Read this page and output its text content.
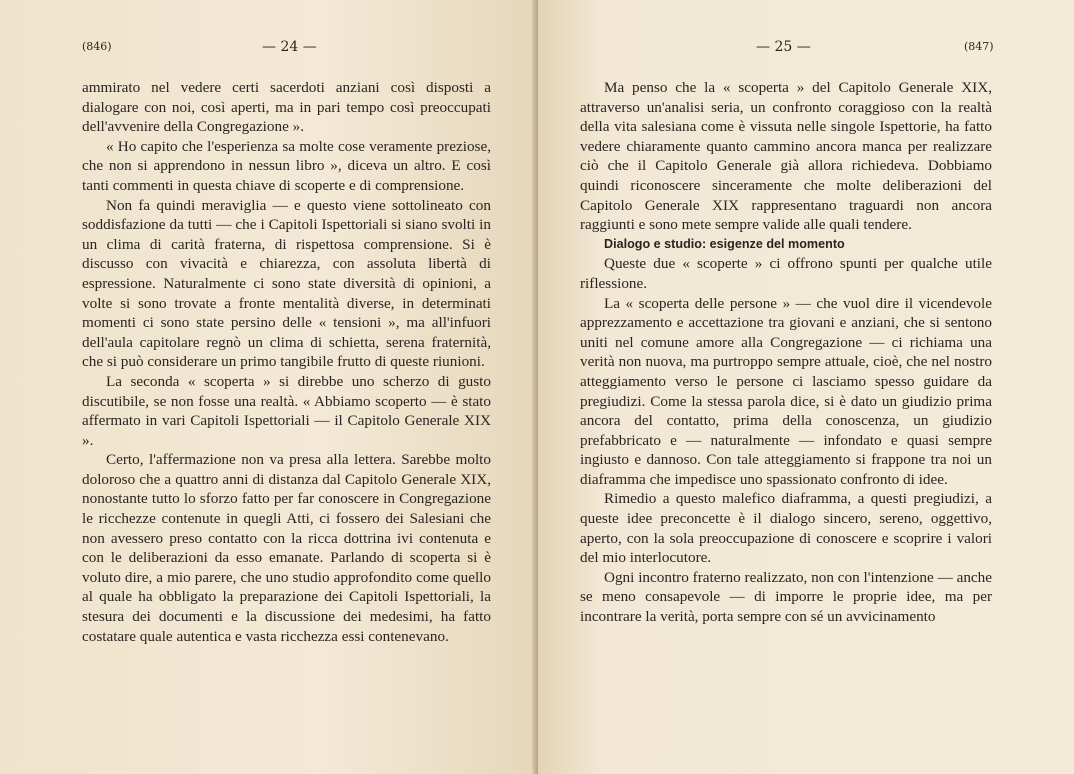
(846)	— 24 —

ammirato nel vedere certi sacerdoti anziani così disposti a dialogare con noi, così aperti, ma in pari tempo così preoccupati dell'avvenire della Congregazione ».

« Ho capito che l'esperienza sa molte cose veramente preziose, che non si apprendono in nessun libro », diceva un altro. E così tanti commenti in questa chiave di scoperte e di comprensione.

Non fa quindi meraviglia — e questo viene sottolineato con soddisfazione da tutti — che i Capitoli Ispettoriali si siano svolti in un clima di carità fraterna, di rispettosa comprensione. Si è discusso con vivacità e chiarezza, con assoluta libertà di espressione. Naturalmente ci sono state diversità di opinioni, a volte si sono trovate a fronte mentalità diverse, in determinati momenti ci sono state persino delle « tensioni », ma all'infuori dell'aula capitolare regnò un clima di schietta, serena fraternità, che si può considerare un primo tangibile frutto di queste riunioni.

La seconda « scoperta » si direbbe uno scherzo di gusto discutibile, se non fosse una realtà. « Abbiamo scoperto — è stato affermato in vari Capitoli Ispettoriali — il Capitolo Generale XIX ».

Certo, l'affermazione non va presa alla lettera. Sarebbe molto doloroso che a quattro anni di distanza dal Capitolo Generale XIX, nonostante tutto lo sforzo fatto per far conoscere in Congregazione le ricchezze contenute in quegli Atti, ci fossero dei Salesiani che non avessero preso contatto con la ricca dottrina ivi contenuta e con le deliberazioni da esso emanate. Parlando di scoperta si è voluto dire, a mio parere, che uno studio approfondito come quello al quale ha obbligato la preparazione dei Capitoli Ispettoriali, la stesura dei documenti e la discussione dei medesimi, ha fatto costatare quale autentica e vasta ricchezza essi contenevano.

— 25 —	(847)

Ma penso che la « scoperta » del Capitolo Generale XIX, attraverso un'analisi seria, un confronto coraggioso con la realtà della vita salesiana come è vissuta nelle singole Ispettorie, ha fatto vedere chiaramente quanto cammino ancora manca per realizzare ciò che il Capitolo Generale già allora richiedeva. Dobbiamo quindi riconoscere sinceramente che molte deliberazioni del Capitolo Generale XIX rappresentano traguardi non ancora raggiunti e sono mete sempre valide alle quali tendere.

Dialogo e studio: esigenze del momento

Queste due « scoperte » ci offrono spunti per qualche utile riflessione.

La « scoperta delle persone » — che vuol dire il vicendevole apprezzamento e accettazione tra giovani e anziani, che si sentono uniti nel comune amore alla Congregazione — ci richiama una verità non nuova, ma purtroppo sempre attuale, cioè, che nel nostro atteggiamento verso le persone ci lasciamo spesso guidare da pregiudizi. Come la stessa parola dice, si è dato un giudizio prima ancora del contatto, prima della conoscenza, un giudizio prefabbricato e — naturalmente — infondato e quasi sempre ingiusto e dannoso. Con tale atteggiamento si frappone tra noi un diaframma che impedisce uno spassionato confronto di idee.

Rimedio a questo malefico diaframma, a questi pregiudizi, a queste idee preconcette è il dialogo sincero, sereno, oggettivo, aperto, con la sola preoccupazione di conoscere e scoprire i valori del mio interlocutore.

Ogni incontro fraterno realizzato, non con l'intenzione — anche se meno consapevole — di imporre le proprie idee, ma per incontrare la verità, porta sempre con sé un avvicinamento
